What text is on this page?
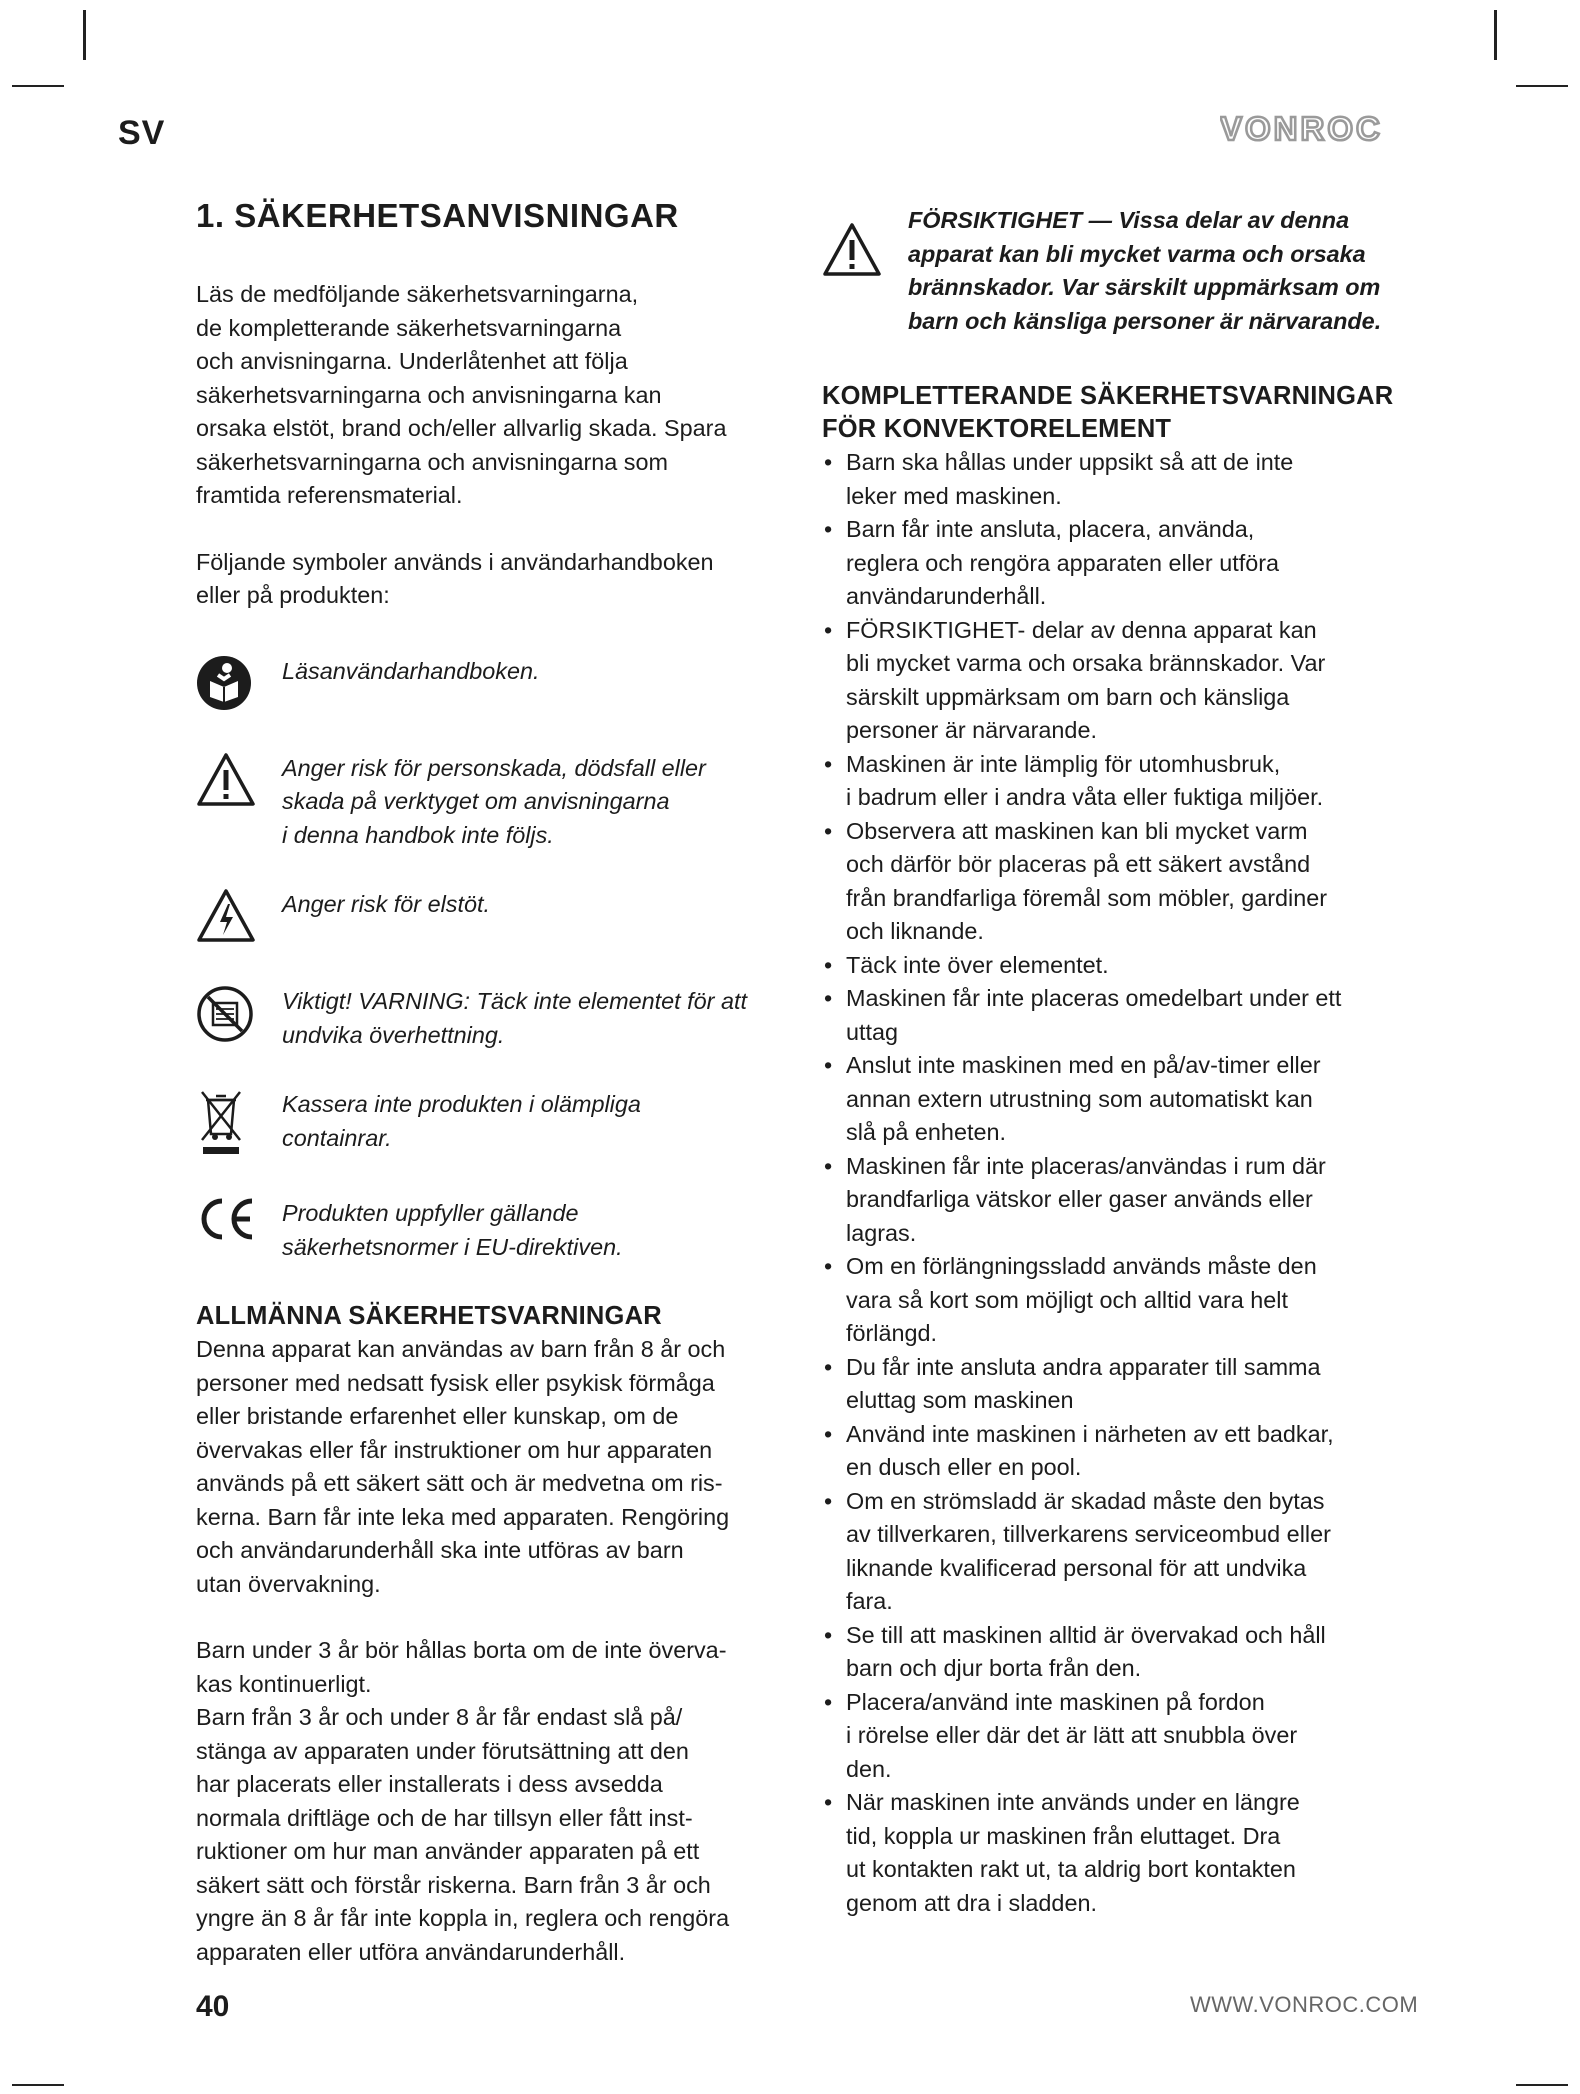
SV	VONROC
1. SÄKERHETSANVISNINGAR

Läs de medföljande säkerhetsvarningarna,
de kompletterande säkerhetsvarningarna
och anvisningarna. Underlåtenhet att följa
säkerhetsvarningarna och anvisningarna kan
orsaka elstöt, brand och/eller allvarlig skada. Spara
säkerhetsvarningarna och anvisningarna som
framtida referensmaterial.

Följande symboler används i användarhandboken
eller på produkten:

Läsanvändarhandboken.
Anger risk för personskada, dödsfall eller
skada på verktyget om anvisningarna
i denna handbok inte följs.
Anger risk för elstöt.
Viktigt! VARNING: Täck inte elementet för att
undvika överhettning.
Kassera inte produkten i olämpliga
containrar.
Produkten uppfyller gällande
säkerhetsnormer i EU-direktiven.
ALLMÄNNA SÄKERHETSVARNINGAR

Denna apparat kan användas av barn från 8 år och
personer med nedsatt fysisk eller psykisk förmåga
eller bristande erfarenhet eller kunskap, om de
övervakas eller får instruktioner om hur apparaten
används på ett säkert sätt och är medvetna om ris-
kerna. Barn får inte leka med apparaten. Rengöring
och användarunderhåll ska inte utföras av barn
utan övervakning.

Barn under 3 år bör hållas borta om de inte överva-
kas kontinuerligt.
Barn från 3 år och under 8 år får endast slå på/
stänga av apparaten under förutsättning att den
har placerats eller installerats i dess avsedda
normala driftläge och de har tillsyn eller fått inst-
ruktioner om hur man använder apparaten på ett
säkert sätt och förstår riskerna. Barn från 3 år och
yngre än 8 år får inte koppla in, reglera och rengöra
apparaten eller utföra användarunderhåll.

FÖRSIKTIGHET — Vissa delar av denna
apparat kan bli mycket varma och orsaka
brännskador. Var särskilt uppmärksam om
barn och känsliga personer är närvarande.
KOMPLETTERANDE SÄKERHETSVARNINGAR
FÖR KONVEKTORELEMENT
• Barn ska hållas under uppsikt så att de inte
leker med maskinen.
• Barn får inte ansluta, placera, använda,
reglera och rengöra apparaten eller utföra
användarunderhåll.
• FÖRSIKTIGHET- delar av denna apparat kan
bli mycket varma och orsaka brännskador. Var
särskilt uppmärksam om barn och känsliga
personer är närvarande.
• Maskinen är inte lämplig för utomhusbruk,
i badrum eller i andra våta eller fuktiga miljöer.
• Observera att maskinen kan bli mycket varm
och därför bör placeras på ett säkert avstånd
från brandfarliga föremål som möbler, gardiner
och liknande.
• Täck inte över elementet.
• Maskinen får inte placeras omedelbart under ett
uttag
• Anslut inte maskinen med en på/av-timer eller
annan extern utrustning som automatiskt kan
slå på enheten.
• Maskinen får inte placeras/användas i rum där
brandfarliga vätskor eller gaser används eller
lagras.
• Om en förlängningssladd används måste den
vara så kort som möjligt och alltid vara helt
förlängd.
• Du får inte ansluta andra apparater till samma
eluttag som maskinen
• Använd inte maskinen i närheten av ett badkar,
en dusch eller en pool.
• Om en strömsladd är skadad måste den bytas
av tillverkaren, tillverkarens serviceombud eller
liknande kvalificerad personal för att undvika
fara.
• Se till att maskinen alltid är övervakad och håll
barn och djur borta från den.
• Placera/använd inte maskinen på fordon
i rörelse eller där det är lätt att snubbla över
den.
• När maskinen inte används under en längre
tid, koppla ur maskinen från eluttaget. Dra
ut kontakten rakt ut, ta aldrig bort kontakten
genom att dra i sladden.
40	WWW.VONROC.COM
